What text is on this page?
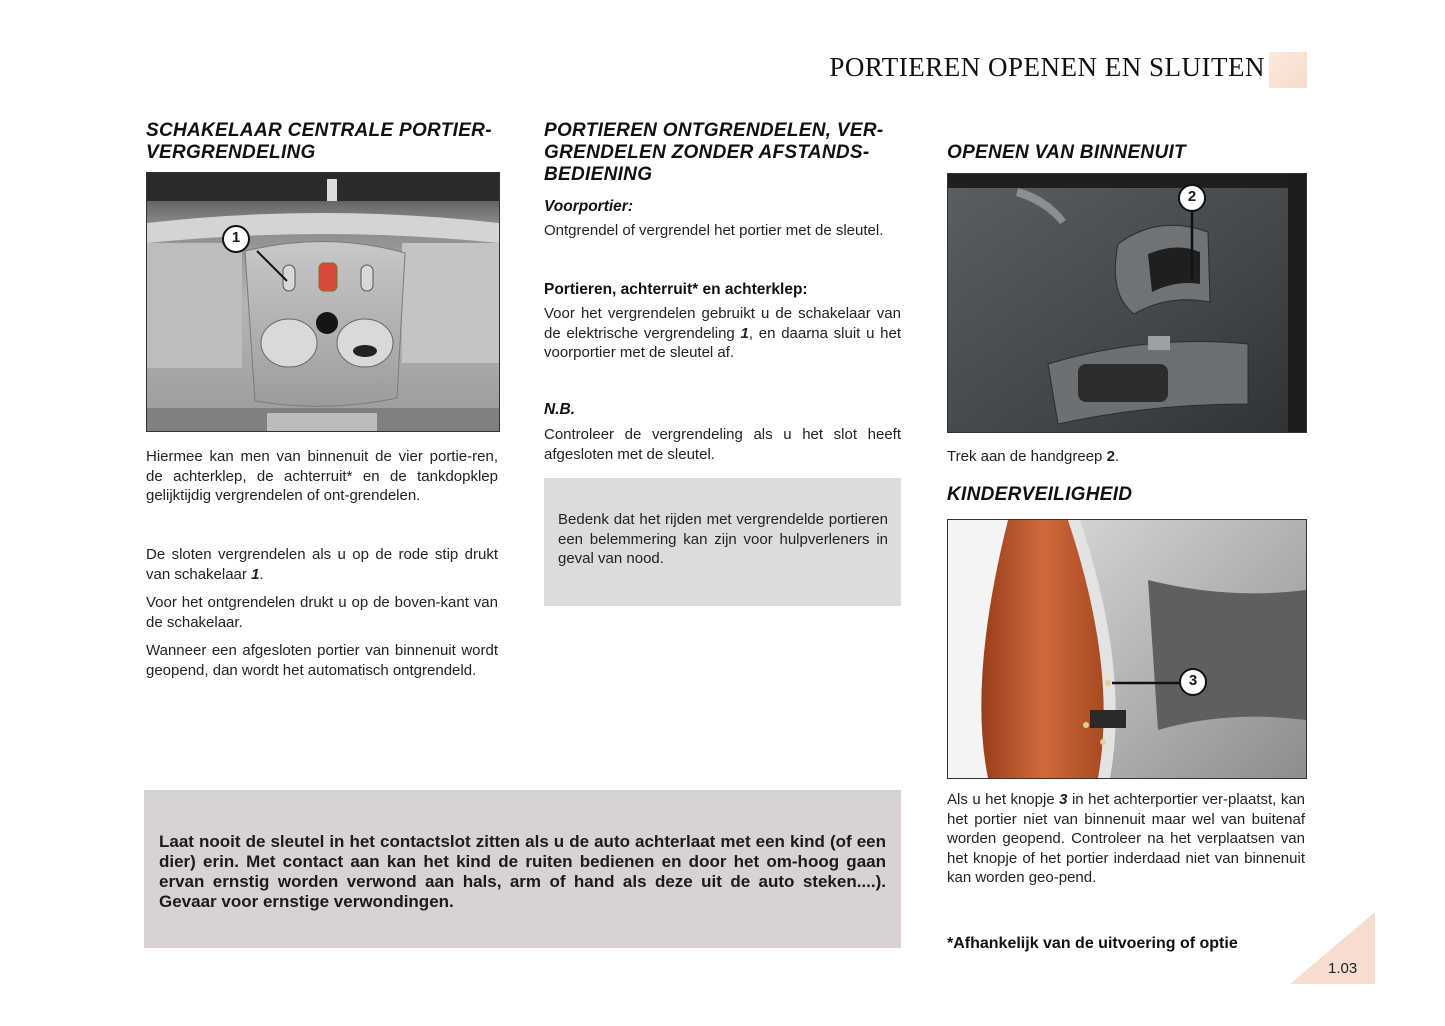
PORTIEREN OPENEN EN SLUITEN
SCHAKELAAR CENTRALE PORTIER-
VERGRENDELING
1
Hiermee kan men van binnenuit de vier portie-ren, de achterklep, de achterruit* en de tankdopklep gelijktijdig vergrendelen of ont-grendelen.
De sloten vergrendelen als u op de rode stip drukt van schakelaar 1.
Voor het ontgrendelen drukt u op de boven-kant van de schakelaar.
Wanneer een afgesloten portier van binnenuit wordt geopend, dan wordt het automatisch ontgrendeld.
PORTIEREN ONTGRENDELEN, VER-
GRENDELEN ZONDER AFSTANDS-
BEDIENING
Voorportier:
Ontgrendel of vergrendel het portier met de sleutel.
Portieren, achterruit* en achterklep:
Voor het vergrendelen gebruikt u de schakelaar van de elektrische vergrendeling 1, en daarna sluit u het voorportier met de sleutel af.
N.B.
Controleer de vergrendeling als u het slot heeft afgesloten met de sleutel.
Bedenk dat het rijden met vergrendelde portieren een belemmering kan zijn voor hulpverleners in geval van nood.
OPENEN VAN BINNENUIT
2
Trek aan de handgreep 2.
KINDERVEILIGHEID
3
Als u het knopje 3 in het achterportier ver-plaatst, kan het portier niet van binnenuit maar wel van buitenaf worden geopend. Controleer na het verplaatsen van het knopje of het portier inderdaad niet van binnenuit kan worden geo-pend.
*Afhankelijk van de uitvoering of optie
Laat nooit de sleutel in het contactslot zitten als u de auto achterlaat met een kind (of een dier) erin. Met contact aan kan het kind de ruiten bedienen en door het om-hoog gaan ervan ernstig worden verwond aan hals, arm of hand als deze uit de auto steken....). Gevaar voor ernstige verwondingen.
1.03
